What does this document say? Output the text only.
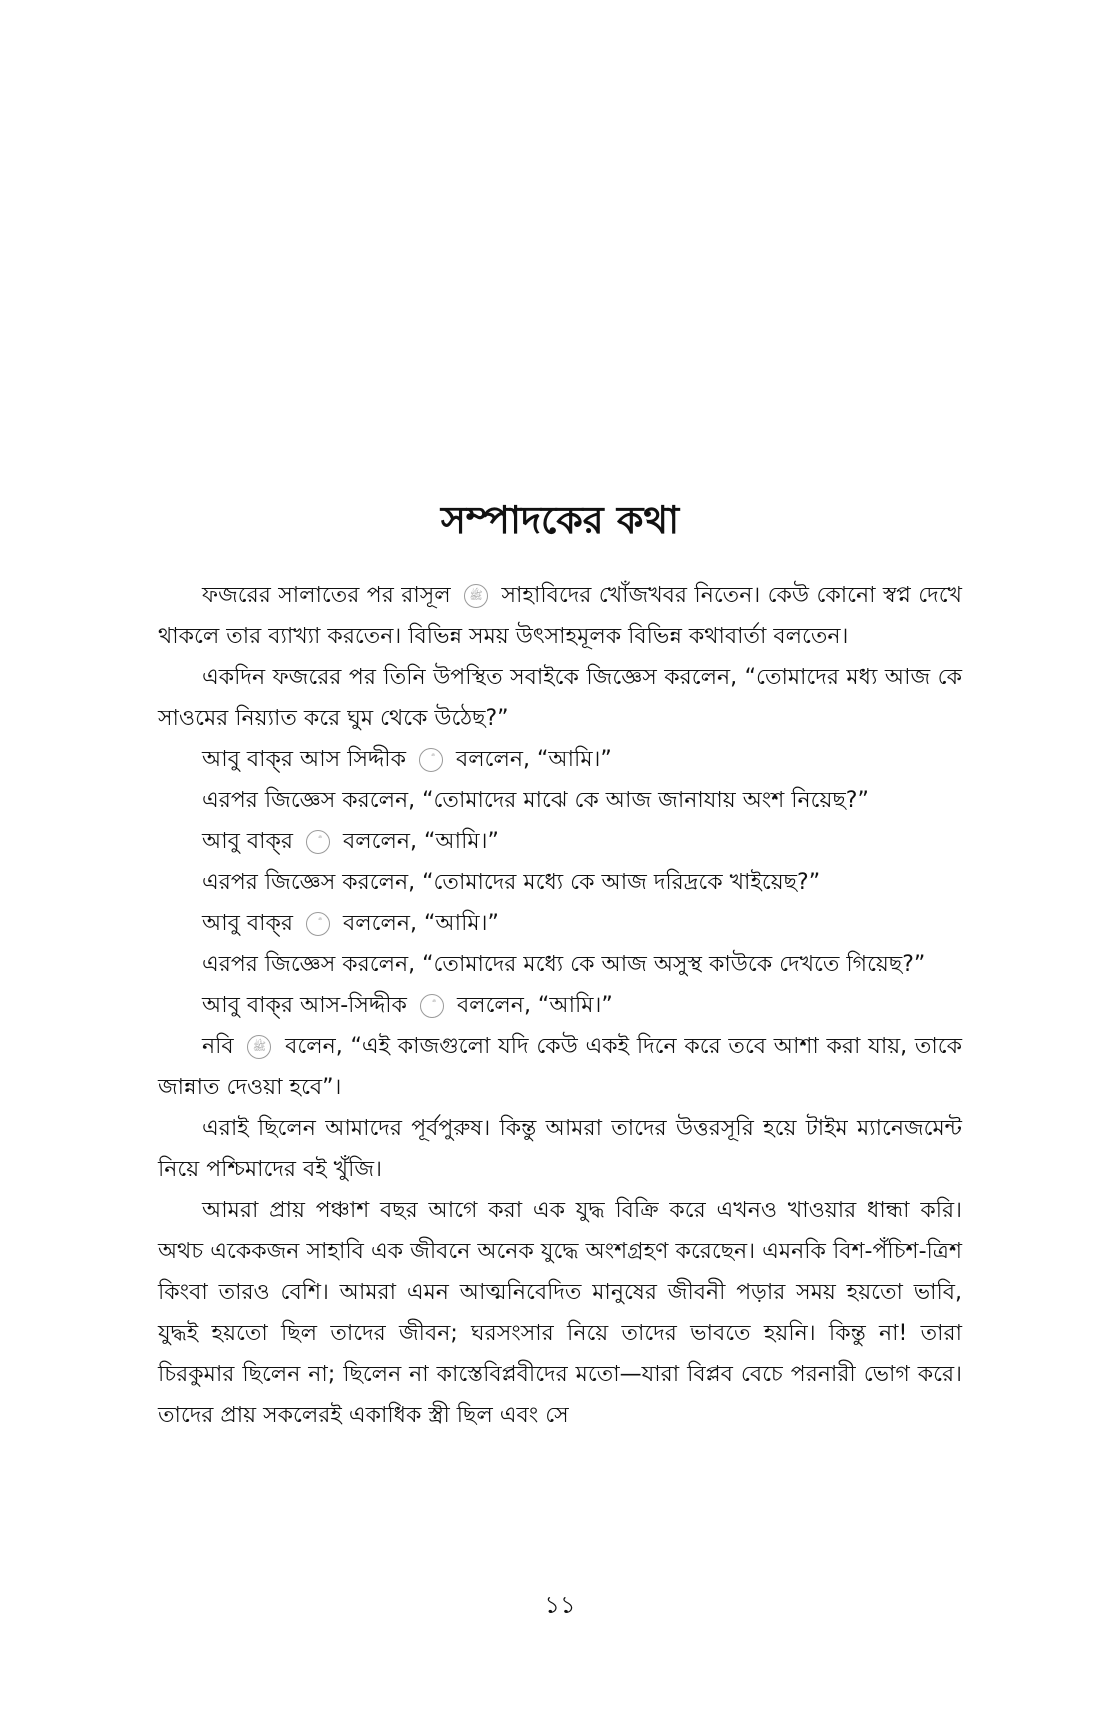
সম্পাদকের কথা

ফজরের সালাতের পর রাসূল ﷺ সাহাবিদের খোঁজখবর নিতেন। কেউ কোনো স্বপ্ন দেখে থাকলে তার ব্যাখ্যা করতেন। বিভিন্ন সময় উৎসাহমূলক বিভিন্ন কথাবার্তা বলতেন।

একদিন ফজরের পর তিনি উপস্থিত সবাইকে জিজ্ঞেস করলেন, “তোমাদের মধ্য আজ কে সাওমের নিয়্যাত করে ঘুম থেকে উঠেছ?”

আবু বাক্‌র আস সিদ্দীক বললেন, “আমি।”

এরপর জিজ্ঞেস করলেন, “তোমাদের মাঝে কে আজ জানাযায় অংশ নিয়েছ?”

আবু বাক্‌র বললেন, “আমি।”

এরপর জিজ্ঞেস করলেন, “তোমাদের মধ্যে কে আজ দরিদ্রকে খাইয়েছ?”

আবু বাক্‌র বললেন, “আমি।”

এরপর জিজ্ঞেস করলেন, “তোমাদের মধ্যে কে আজ অসুস্থ কাউকে দেখতে গিয়েছ?”

আবু বাক্‌র আস-সিদ্দীক বললেন, “আমি।”

নবি ﷺ বলেন, “এই কাজগুলো যদি কেউ একই দিনে করে তবে আশা করা যায়, তাকে জান্নাত দেওয়া হবে”।

এরাই ছিলেন আমাদের পূর্বপুরুষ। কিন্তু আমরা তাদের উত্তরসূরি হয়ে টাইম ম্যানেজমেন্ট নিয়ে পশ্চিমাদের বই খুঁজি।

আমরা প্রায় পঞ্চাশ বছর আগে করা এক যুদ্ধ বিক্রি করে এখনও খাওয়ার ধান্ধা করি। অথচ একেকজন সাহাবি এক জীবনে অনেক যুদ্ধে অংশগ্রহণ করেছেন। এমনকি বিশ-পঁচিশ-ত্রিশ কিংবা তারও বেশি। আমরা এমন আত্মনিবেদিত মানুষের জীবনী পড়ার সময় হয়তো ভাবি, যুদ্ধই হয়তো ছিল তাদের জীবন; ঘরসংসার নিয়ে তাদের ভাবতে হয়নি। কিন্তু না! তারা চিরকুমার ছিলেন না; ছিলেন না কাস্তেবিপ্লবীদের মতো—যারা বিপ্লব বেচে পরনারী ভোগ করে। তাদের প্রায় সকলেরই একাধিক স্ত্রী ছিল এবং সে

১১
